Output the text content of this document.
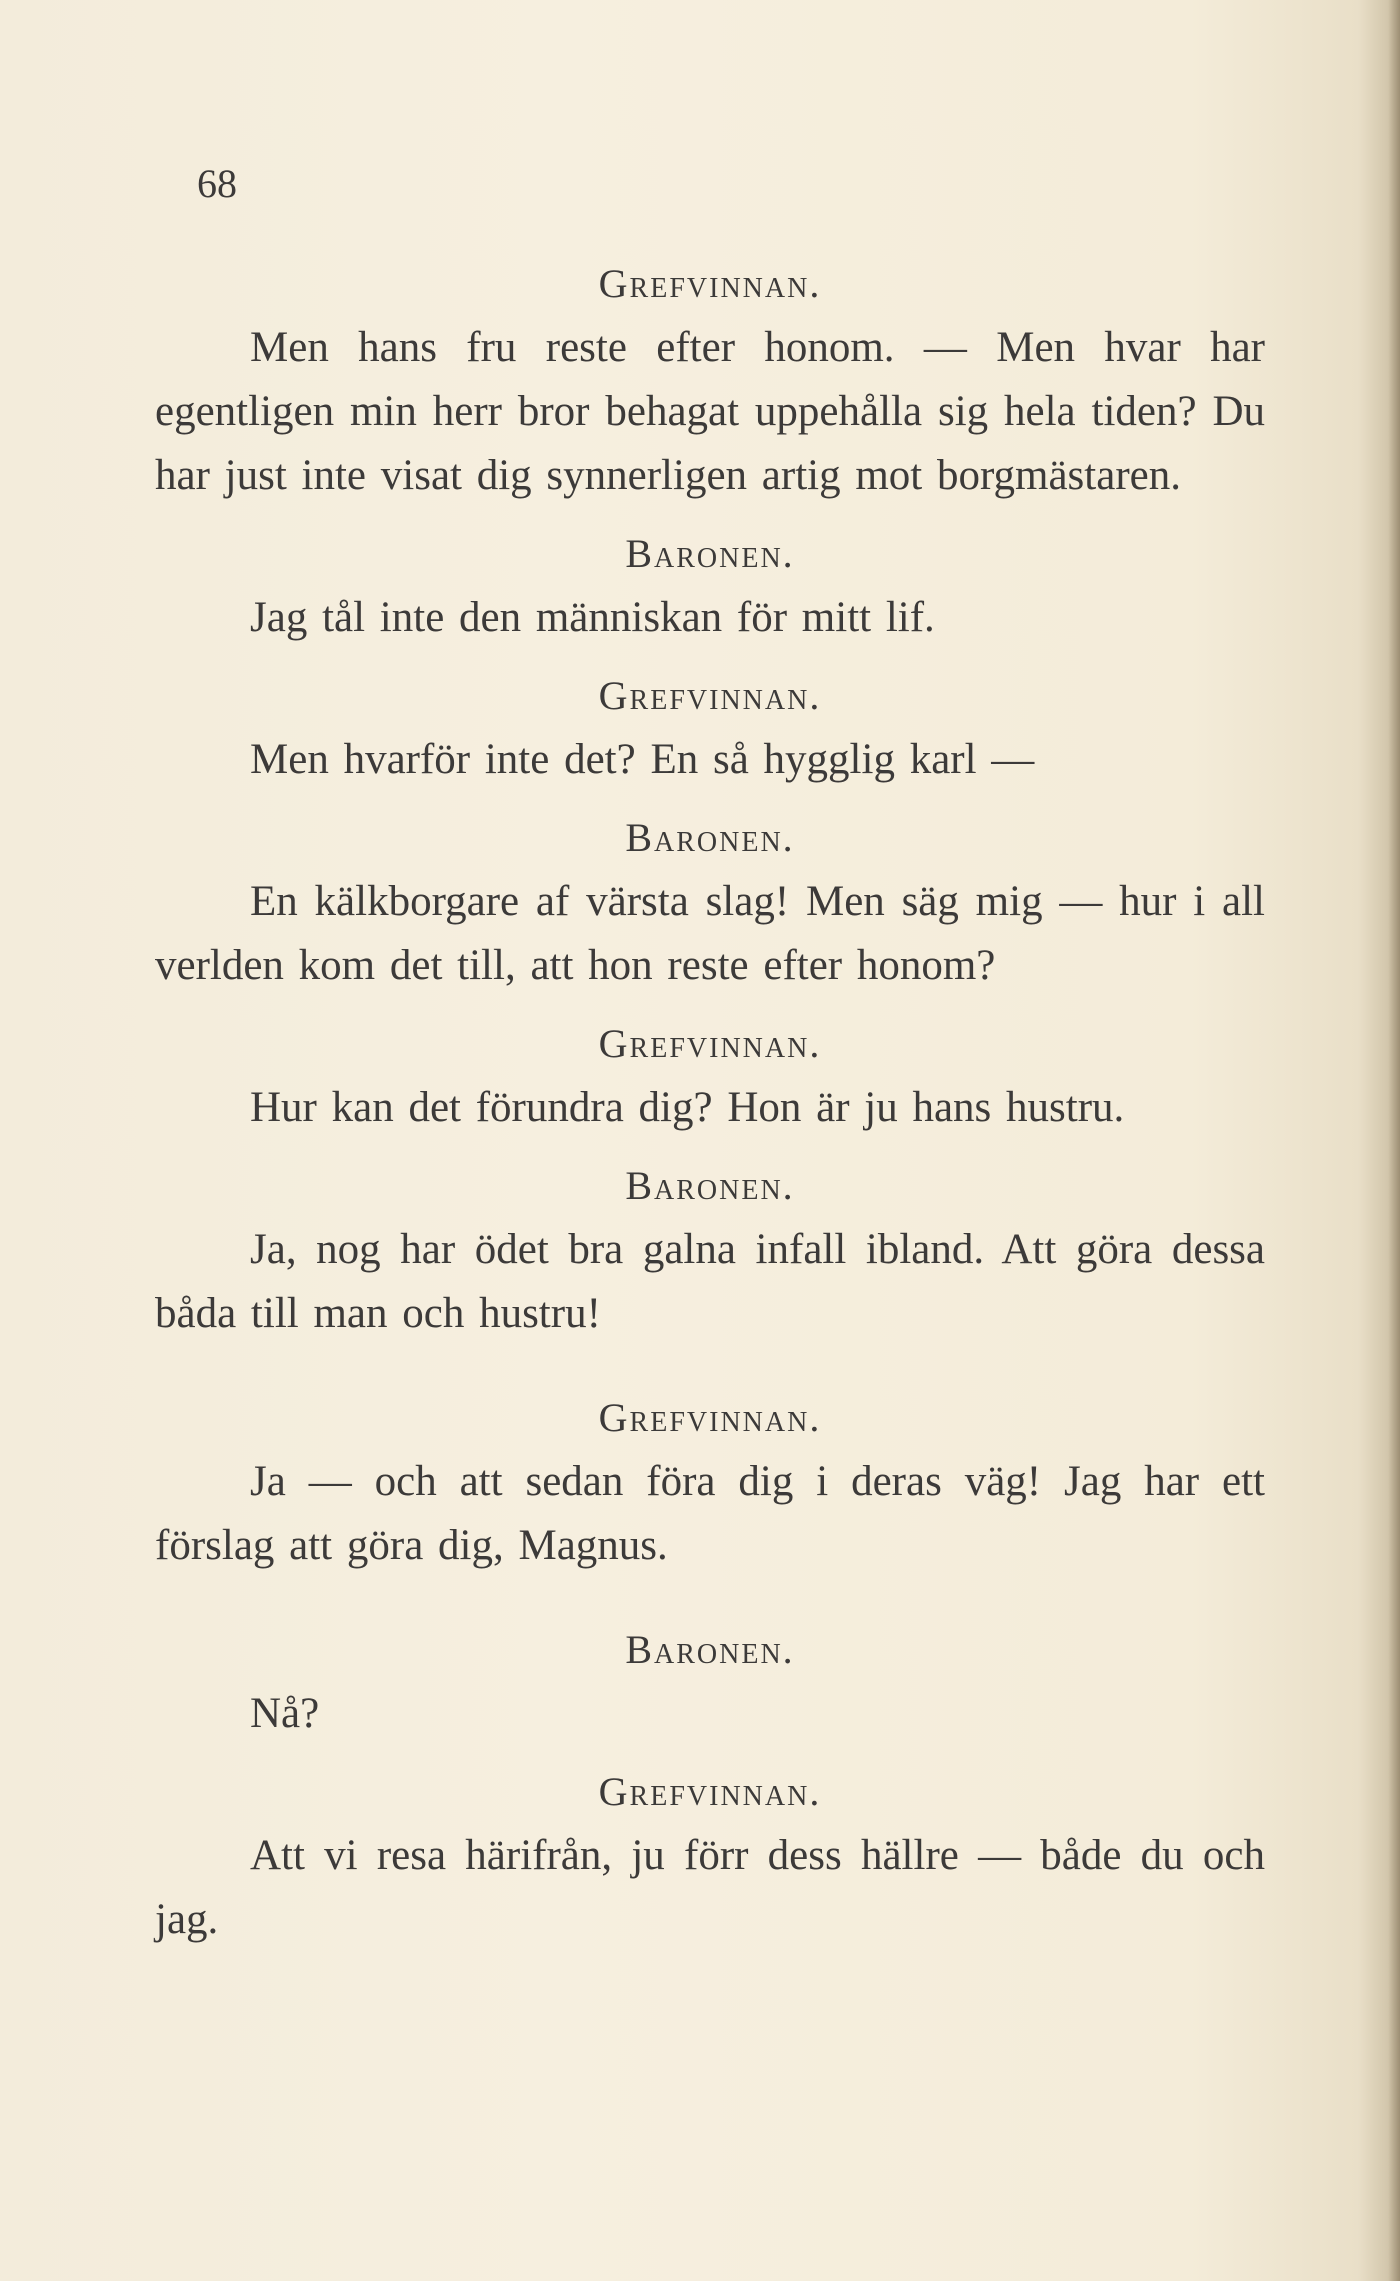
68

Grefvinnan.

Men hans fru reste efter honom. — Men hvar har egentligen min herr bror behagat uppehålla sig hela tiden? Du har just inte visat dig synnerligen artig mot borgmästaren.

Baronen.

Jag tål inte den människan för mitt lif.

Grefvinnan.

Men hvarför inte det? En så hygglig karl —

Baronen.

En kälkborgare af värsta slag! Men säg mig — hur i all verlden kom det till, att hon reste efter honom?

Grefvinnan.

Hur kan det förundra dig? Hon är ju hans hustru.

Baronen.

Ja, nog har ödet bra galna infall ibland. Att göra dessa båda till man och hustru!

Grefvinnan.

Ja — och att sedan föra dig i deras väg! Jag har ett förslag att göra dig, Magnus.

Baronen.

Nå?

Grefvinnan.

Att vi resa härifrån, ju förr dess hällre — både du och jag.
